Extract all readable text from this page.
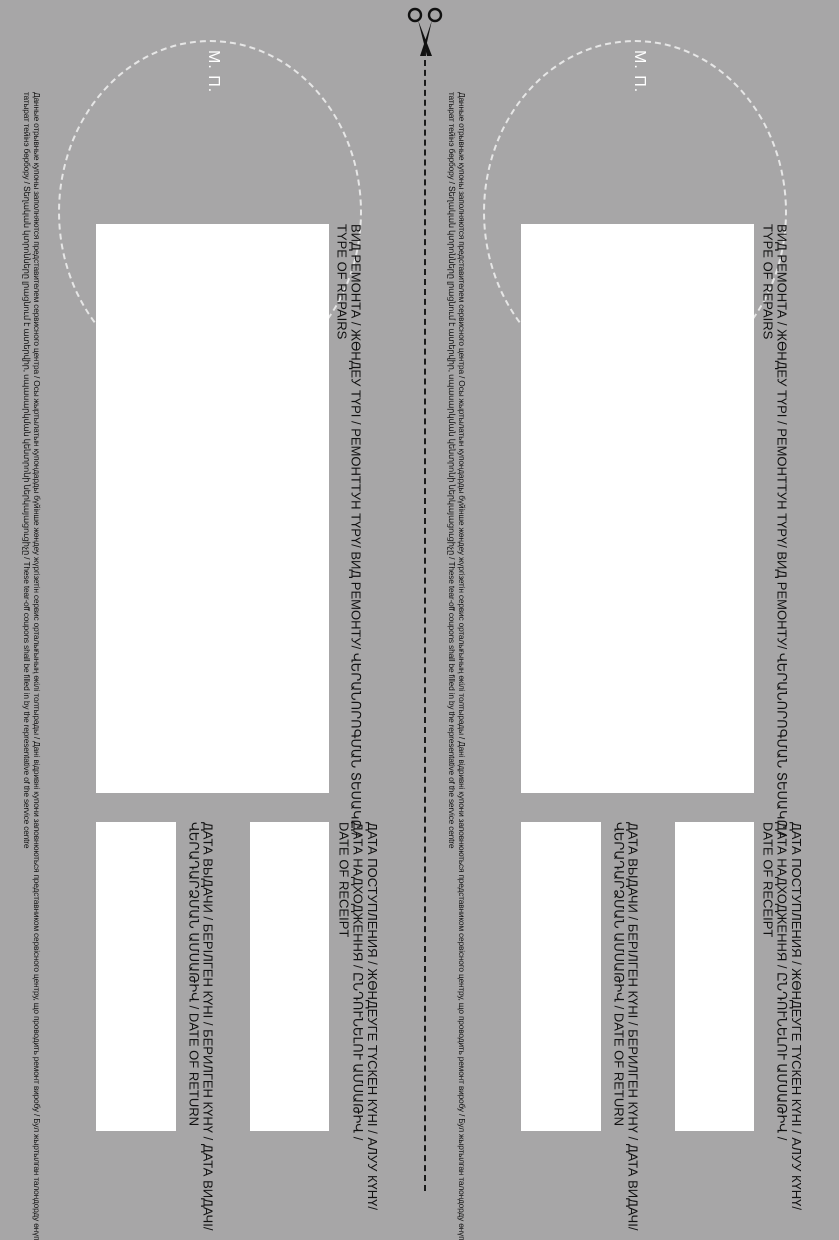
М. П.
Данные отрывные купоны заполняются представителем сервисного центра / Осы жыртылатын купондарды бүйінше жөндеу жүргізетін сервис орталығының өкілі толтырады / Дані відривні купони заповнюються представником сервісного центру, що проводить ремонт виробу / Бул жыртылган талондорду өнүп
татырат тейінэ бөрбору / Տեղական կտրոնները լրացնում է ատերվիր, սպասարկման կենտրոնի ներկայացուցիչը / These tear-off coupons shall be filled in by the representative of the service centre	ВИД РЕМОНТА / ЖӨНДЕУ ТҮРІ / РЕМОНТТУН ТҮРҮ/ ВИД РЕМОНТУ/ ՎԵՐԱՆՈՐՈԳՄԱՆ ՏԵՍԱԿԸ /
TYPE OF REPAIRS
ДАТА ВЫДАЧИ / БЕРІЛГЕН КҮНІ / БЕРИЛГЕН КҮНҮ / ДАТА ВИДАЧІ/
ՎԵՐԱԴԱՐՁՄԱՆ ԱՄՍԱԹԻՎ / DATE OF RETURN	ДАТА ПОСТУПЛЕНИЯ / ЖӨНДЕУГЕ ТҮСКЕН КҮНІ / АЛУУ КҮНҮ/
ДАТА НАДХОДЖЕННЯ / ԸՆԴՈՒՆԵԼՈՒ ԱՄՍԱԹԻՎ /
DATE OF RECEIPT
М. П.
Данные отрывные купоны заполняются представителем сервисного центра / Осы жыртылатын купондарды бүйінше жөндеу жүргізетін сервис орталығының өкілі толтырады / Дані відривні купони заповнюються представником сервісного центру, що проводить ремонт виробу / Бул жыртылган талондорду өнүп
татырат тейінэ бөрбору / Տեղական կտրոնները լրացնում է ատերվիր, սպասարկման կենտրոնի ներկայացուցիչը / These tear-off coupons shall be filled in by the representative of the service centre	ВИД РЕМОНТА / ЖӨНДЕУ ТҮРІ / РЕМОНТТУН ТҮРҮ/ ВИД РЕМОНТУ/ ՎԵՐԱՆՈՐՈԳՄԱՆ ՏԵՍԱԿԸ /
TYPE OF REPAIRS
ДАТА ВЫДАЧИ / БЕРІЛГЕН КҮНІ / БЕРИЛГЕН КҮНҮ / ДАТА ВИДАЧІ/
ՎԵՐԱԴԱՐՁՄԱՆ ԱՄՍԱԹԻՎ / DATE OF RETURN	ДАТА ПОСТУПЛЕНИЯ / ЖӨНДЕУГЕ ТҮСКЕН КҮНІ / АЛУУ КҮНҮ/
ДАТА НАДХОДЖЕННЯ / ԸՆԴՈՒՆԵԼՈՒ ԱՄՍԱԹԻՎ /
DATE OF RECEIPT
